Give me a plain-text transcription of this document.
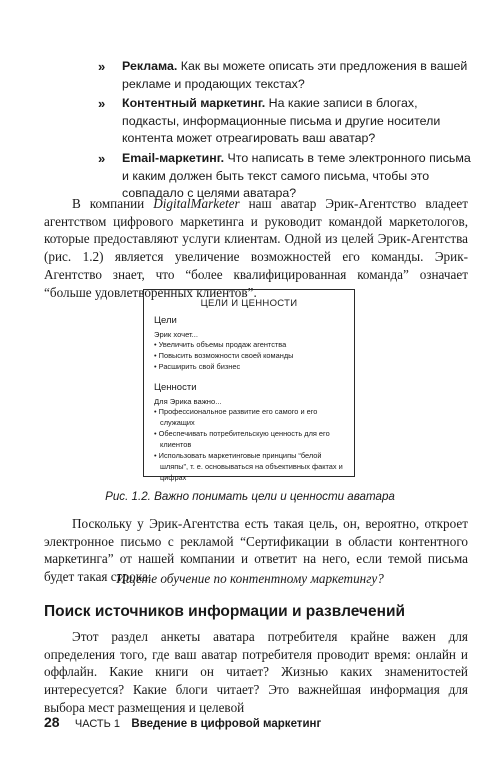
» Реклама. Как вы можете описать эти предложения в вашей рекламе и продающих текстах?
» Контентный маркетинг. На какие записи в блогах, подкасты, информационные письма и другие носители контента может отреагировать ваш аватар?
» Email-маркетинг. Что написать в теме электронного письма и каким должен быть текст самого письма, чтобы это совпадало с целями аватара?
В компании DigitalMarketer наш аватар Эрик-Агентство владеет агентством цифрового маркетинга и руководит командой маркетологов, которые предоставляют услуги клиентам. Одной из целей Эрик-Агентства (рис. 1.2) является увеличение возможностей его команды. Эрик-Агентство знает, что “более квалифицированная команда” означает “больше удовлетворенных клиентов”.
ЦЕЛИ И ЦЕННОСТИ
Цели
Эрик хочет...
• Увеличить объемы продаж агентства
• Повысить возможности своей команды
• Расширить свой бизнес
Ценности
Для Эрика важно...
• Профессиональное развитие его самого и его служащих
• Обеспечивать потребительскую ценность для его клиентов
• Использовать маркетинговые принципы “белой шляпы”, т. е. основываться на объективных фактах и цифрах
Рис. 1.2. Важно понимать цели и ценности аватара
Поскольку у Эрик-Агентства есть такая цель, он, вероятно, откроет электронное письмо с рекламой “Сертификации в области контентного маркетинга” от нашей компании и ответит на него, если темой письма будет такая строка:
Ищете обучение по контентному маркетингу?
Поиск источников информации и развлечений
Этот раздел анкеты аватара потребителя крайне важен для определения того, где ваш аватар потребителя проводит время: онлайн и оффлайн. Какие книги он читает? Жизнью каких знаменитостей интересуется? Какие блоги читает? Это важнейшая информация для выбора мест размещения и целевой
28 ЧАСТЬ 1 Введение в цифровой маркетинг
